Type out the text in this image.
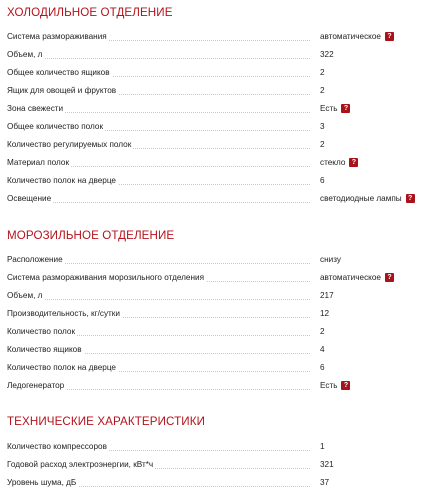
ХОЛОДИЛЬНОЕ ОТДЕЛЕНИЕ
Система размораживания	автоматическое ?
Объем, л	322
Общее количество ящиков	2
Ящик для овощей и фруктов	2
Зона свежести	Есть ?
Общее количество полок	3
Количество регулируемых полок	2
Материал полок	стекло ?
Количество полок на дверце	6
Освещение	светодиодные лампы ?
МОРОЗИЛЬНОЕ ОТДЕЛЕНИЕ
Расположение	снизу
Система размораживания морозильного отделения	автоматическое ?
Объем, л	217
Производительность, кг/сутки	12
Количество полок	2
Количество ящиков	4
Количество полок на дверце	6
Ледогенератор	Есть ?
ТЕХНИЧЕСКИЕ ХАРАКТЕРИСТИКИ
Количество компрессоров	1
Годовой расход электроэнергии, кВт*ч	321
Уровень шума, дБ	37
